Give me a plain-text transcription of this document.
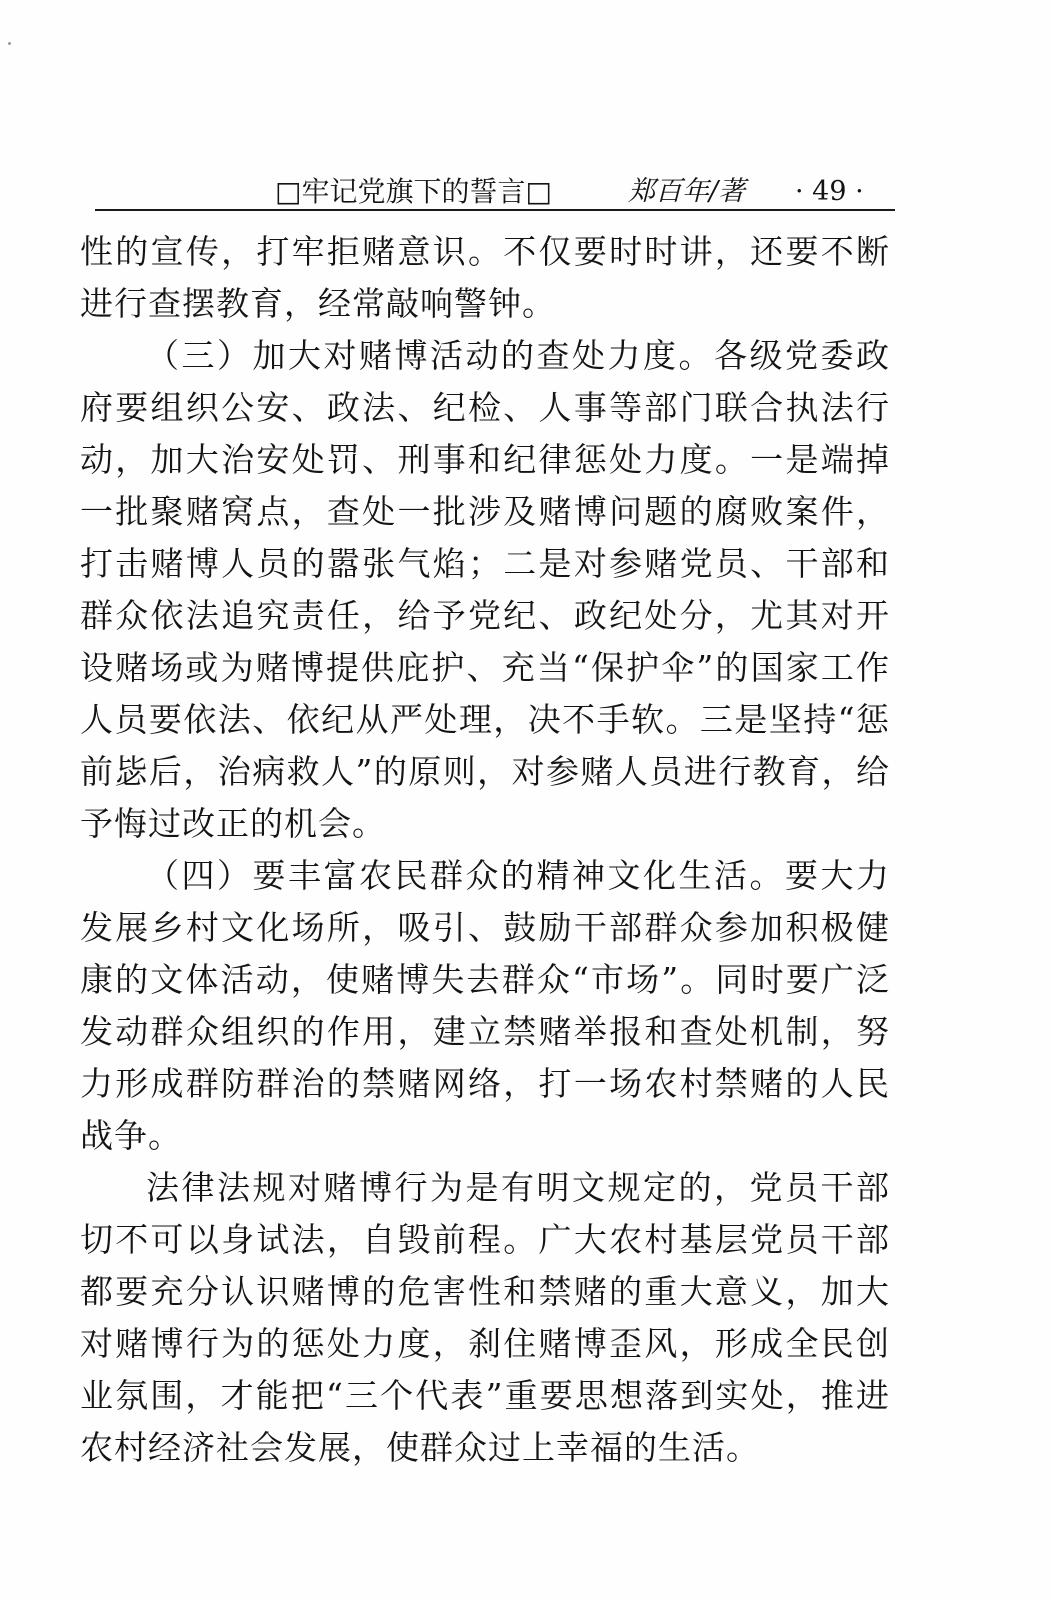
□牢记党旗下的誓言□	郑百年/著 · 49 ·

性的宣传，打牢拒赌意识。不仅要时时讲，还要不断进行查摆教育，经常敲响警钟。

（三）加大对赌博活动的查处力度。各级党委政府要组织公安、政法、纪检、人事等部门联合执法行动，加大治安处罚、刑事和纪律惩处力度。一是端掉一批聚赌窝点，查处一批涉及赌博问题的腐败案件，打击赌博人员的嚣张气焰；二是对参赌党员、干部和群众依法追究责任，给予党纪、政纪处分，尤其对开设赌场或为赌博提供庇护、充当“保护伞”的国家工作人员要依法、依纪从严处理，决不手软。三是坚持“惩前毖后，治病救人”的原则，对参赌人员进行教育，给予悔过改正的机会。

（四）要丰富农民群众的精神文化生活。要大力发展乡村文化场所，吸引、鼓励干部群众参加积极健康的文体活动，使赌博失去群众“市场”。同时要广泛发动群众组织的作用，建立禁赌举报和查处机制，努力形成群防群治的禁赌网络，打一场农村禁赌的人民战争。

法律法规对赌博行为是有明文规定的，党员干部切不可以身试法，自毁前程。广大农村基层党员干部都要充分认识赌博的危害性和禁赌的重大意义，加大对赌博行为的惩处力度，刹住赌博歪风，形成全民创业氛围，才能把“三个代表”重要思想落到实处，推进农村经济社会发展，使群众过上幸福的生活。
